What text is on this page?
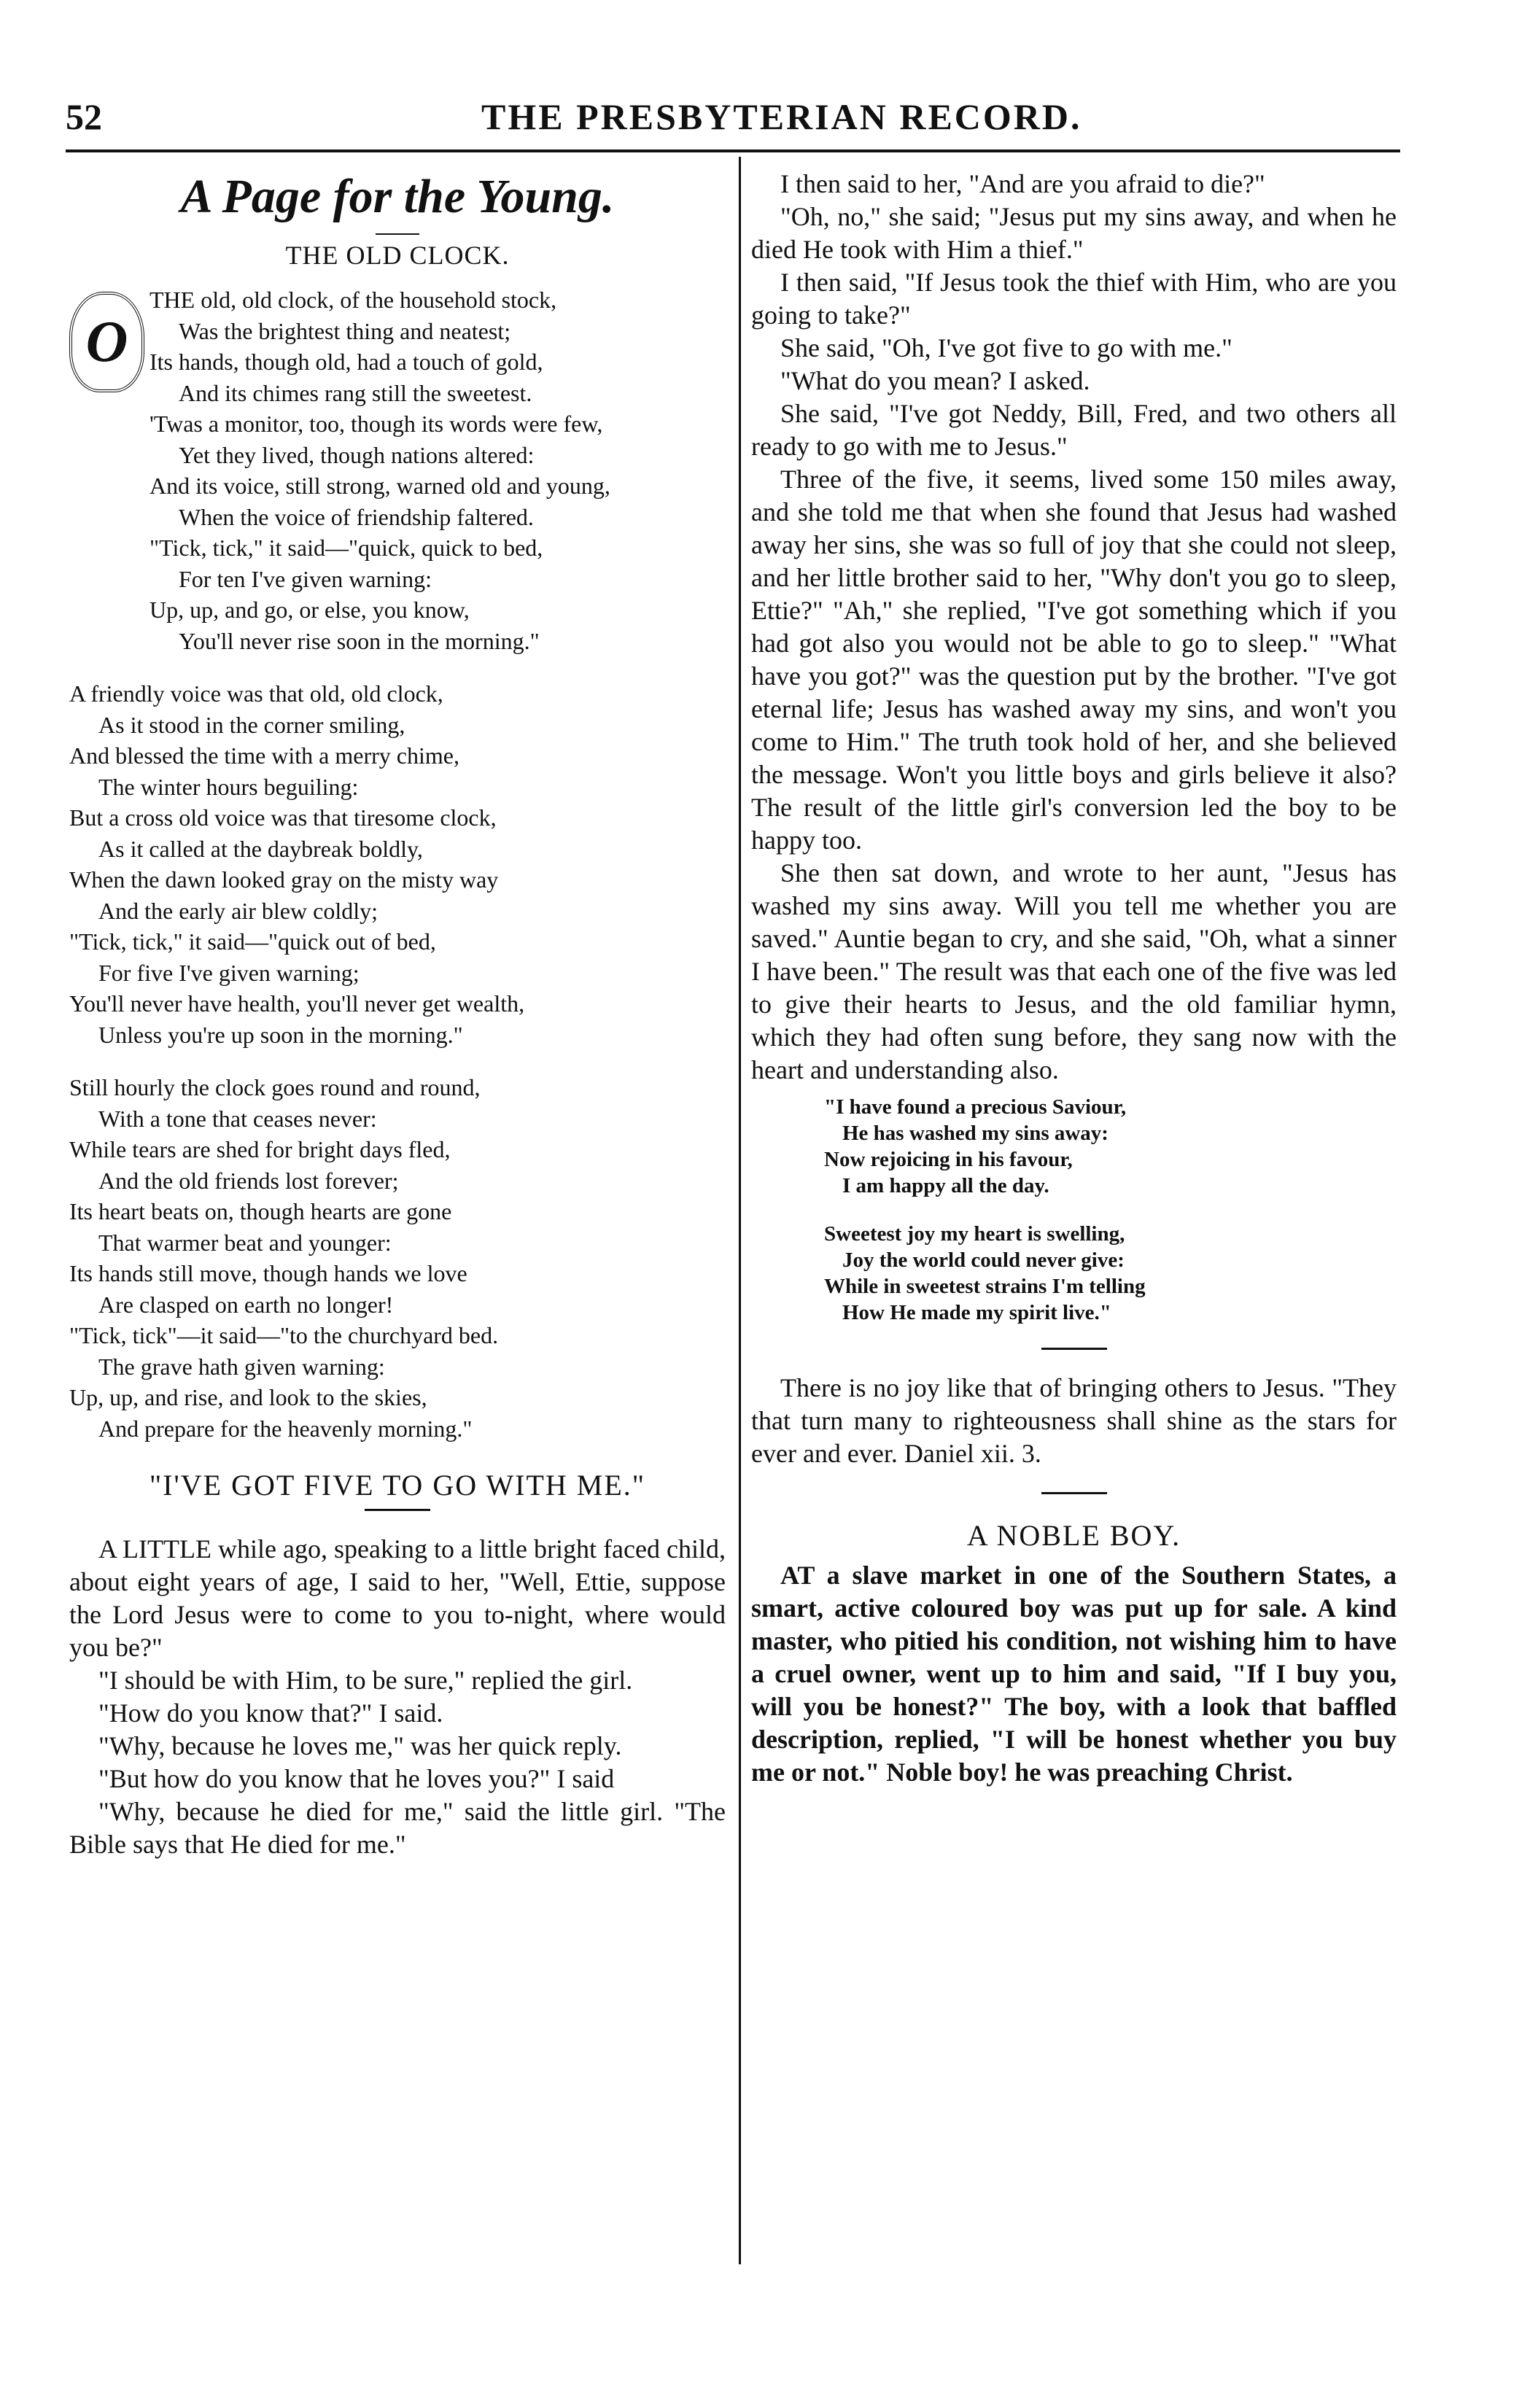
52	THE PRESBYTERIAN RECORD.
A Page for the Young.
THE OLD CLOCK.
O
THE old, old clock, of the household stock,
Was the brightest thing and neatest;
Its hands, though old, had a touch of gold,
And its chimes rang still the sweetest.
'Twas a monitor, too, though its words were few,
Yet they lived, though nations altered:
And its voice, still strong, warned old and young,
When the voice of friendship faltered.
"Tick, tick," it said—"quick, quick to bed,
For ten I've given warning:
Up, up, and go, or else, you know,
You'll never rise soon in the morning."
A friendly voice was that old, old clock,
As it stood in the corner smiling,
And blessed the time with a merry chime,
The winter hours beguiling:
But a cross old voice was that tiresome clock,
As it called at the daybreak boldly,
When the dawn looked gray on the misty way
And the early air blew coldly;
"Tick, tick," it said—"quick out of bed,
For five I've given warning;
You'll never have health, you'll never get wealth,
Unless you're up soon in the morning."
Still hourly the clock goes round and round,
With a tone that ceases never:
While tears are shed for bright days fled,
And the old friends lost forever;
Its heart beats on, though hearts are gone
That warmer beat and younger:
Its hands still move, though hands we love
Are clasped on earth no longer!
"Tick, tick"—it said—"to the churchyard bed.
The grave hath given warning:
Up, up, and rise, and look to the skies,
And prepare for the heavenly morning."
"I'VE GOT FIVE TO GO WITH ME."

A LITTLE while ago, speaking to a little bright faced child, about eight years of age, I said to her, "Well, Ettie, suppose the Lord Jesus were to come to you to-night, where would you be?"

"I should be with Him, to be sure," replied the girl.

"How do you know that?" I said.

"Why, because he loves me," was her quick reply.

"But how do you know that he loves you?" I said

"Why, because he died for me," said the little girl. "The Bible says that He died for me."

I then said to her, "And are you afraid to die?"

"Oh, no," she said; "Jesus put my sins away, and when he died He took with Him a thief."

I then said, "If Jesus took the thief with Him, who are you going to take?"

She said, "Oh, I've got five to go with me."

"What do you mean? I asked.

She said, "I've got Neddy, Bill, Fred, and two others all ready to go with me to Jesus."

Three of the five, it seems, lived some 150 miles away, and she told me that when she found that Jesus had washed away her sins, she was so full of joy that she could not sleep, and her little brother said to her, "Why don't you go to sleep, Ettie?" "Ah," she replied, "I've got something which if you had got also you would not be able to go to sleep." "What have you got?" was the question put by the brother. "I've got eternal life; Jesus has washed away my sins, and won't you come to Him." The truth took hold of her, and she believed the message. Won't you little boys and girls believe it also? The result of the little girl's conversion led the boy to be happy too.

She then sat down, and wrote to her aunt, "Jesus has washed my sins away. Will you tell me whether you are saved." Auntie began to cry, and she said, "Oh, what a sinner I have been." The result was that each one of the five was led to give their hearts to Jesus, and the old familiar hymn, which they had often sung before, they sang now with the heart and understanding also.

"I have found a precious Saviour,
He has washed my sins away:
Now rejoicing in his favour,
I am happy all the day.
Sweetest joy my heart is swelling,
Joy the world could never give:
While in sweetest strains I'm telling
How He made my spirit live."

There is no joy like that of bringing others to Jesus. "They that turn many to righteousness shall shine as the stars for ever and ever. Daniel xii. 3.

A NOBLE BOY.

AT a slave market in one of the Southern States, a smart, active coloured boy was put up for sale. A kind master, who pitied his condition, not wishing him to have a cruel owner, went up to him and said, "If I buy you, will you be honest?" The boy, with a look that baffled description, replied, "I will be honest whether you buy me or not." Noble boy! he was preaching Christ.
